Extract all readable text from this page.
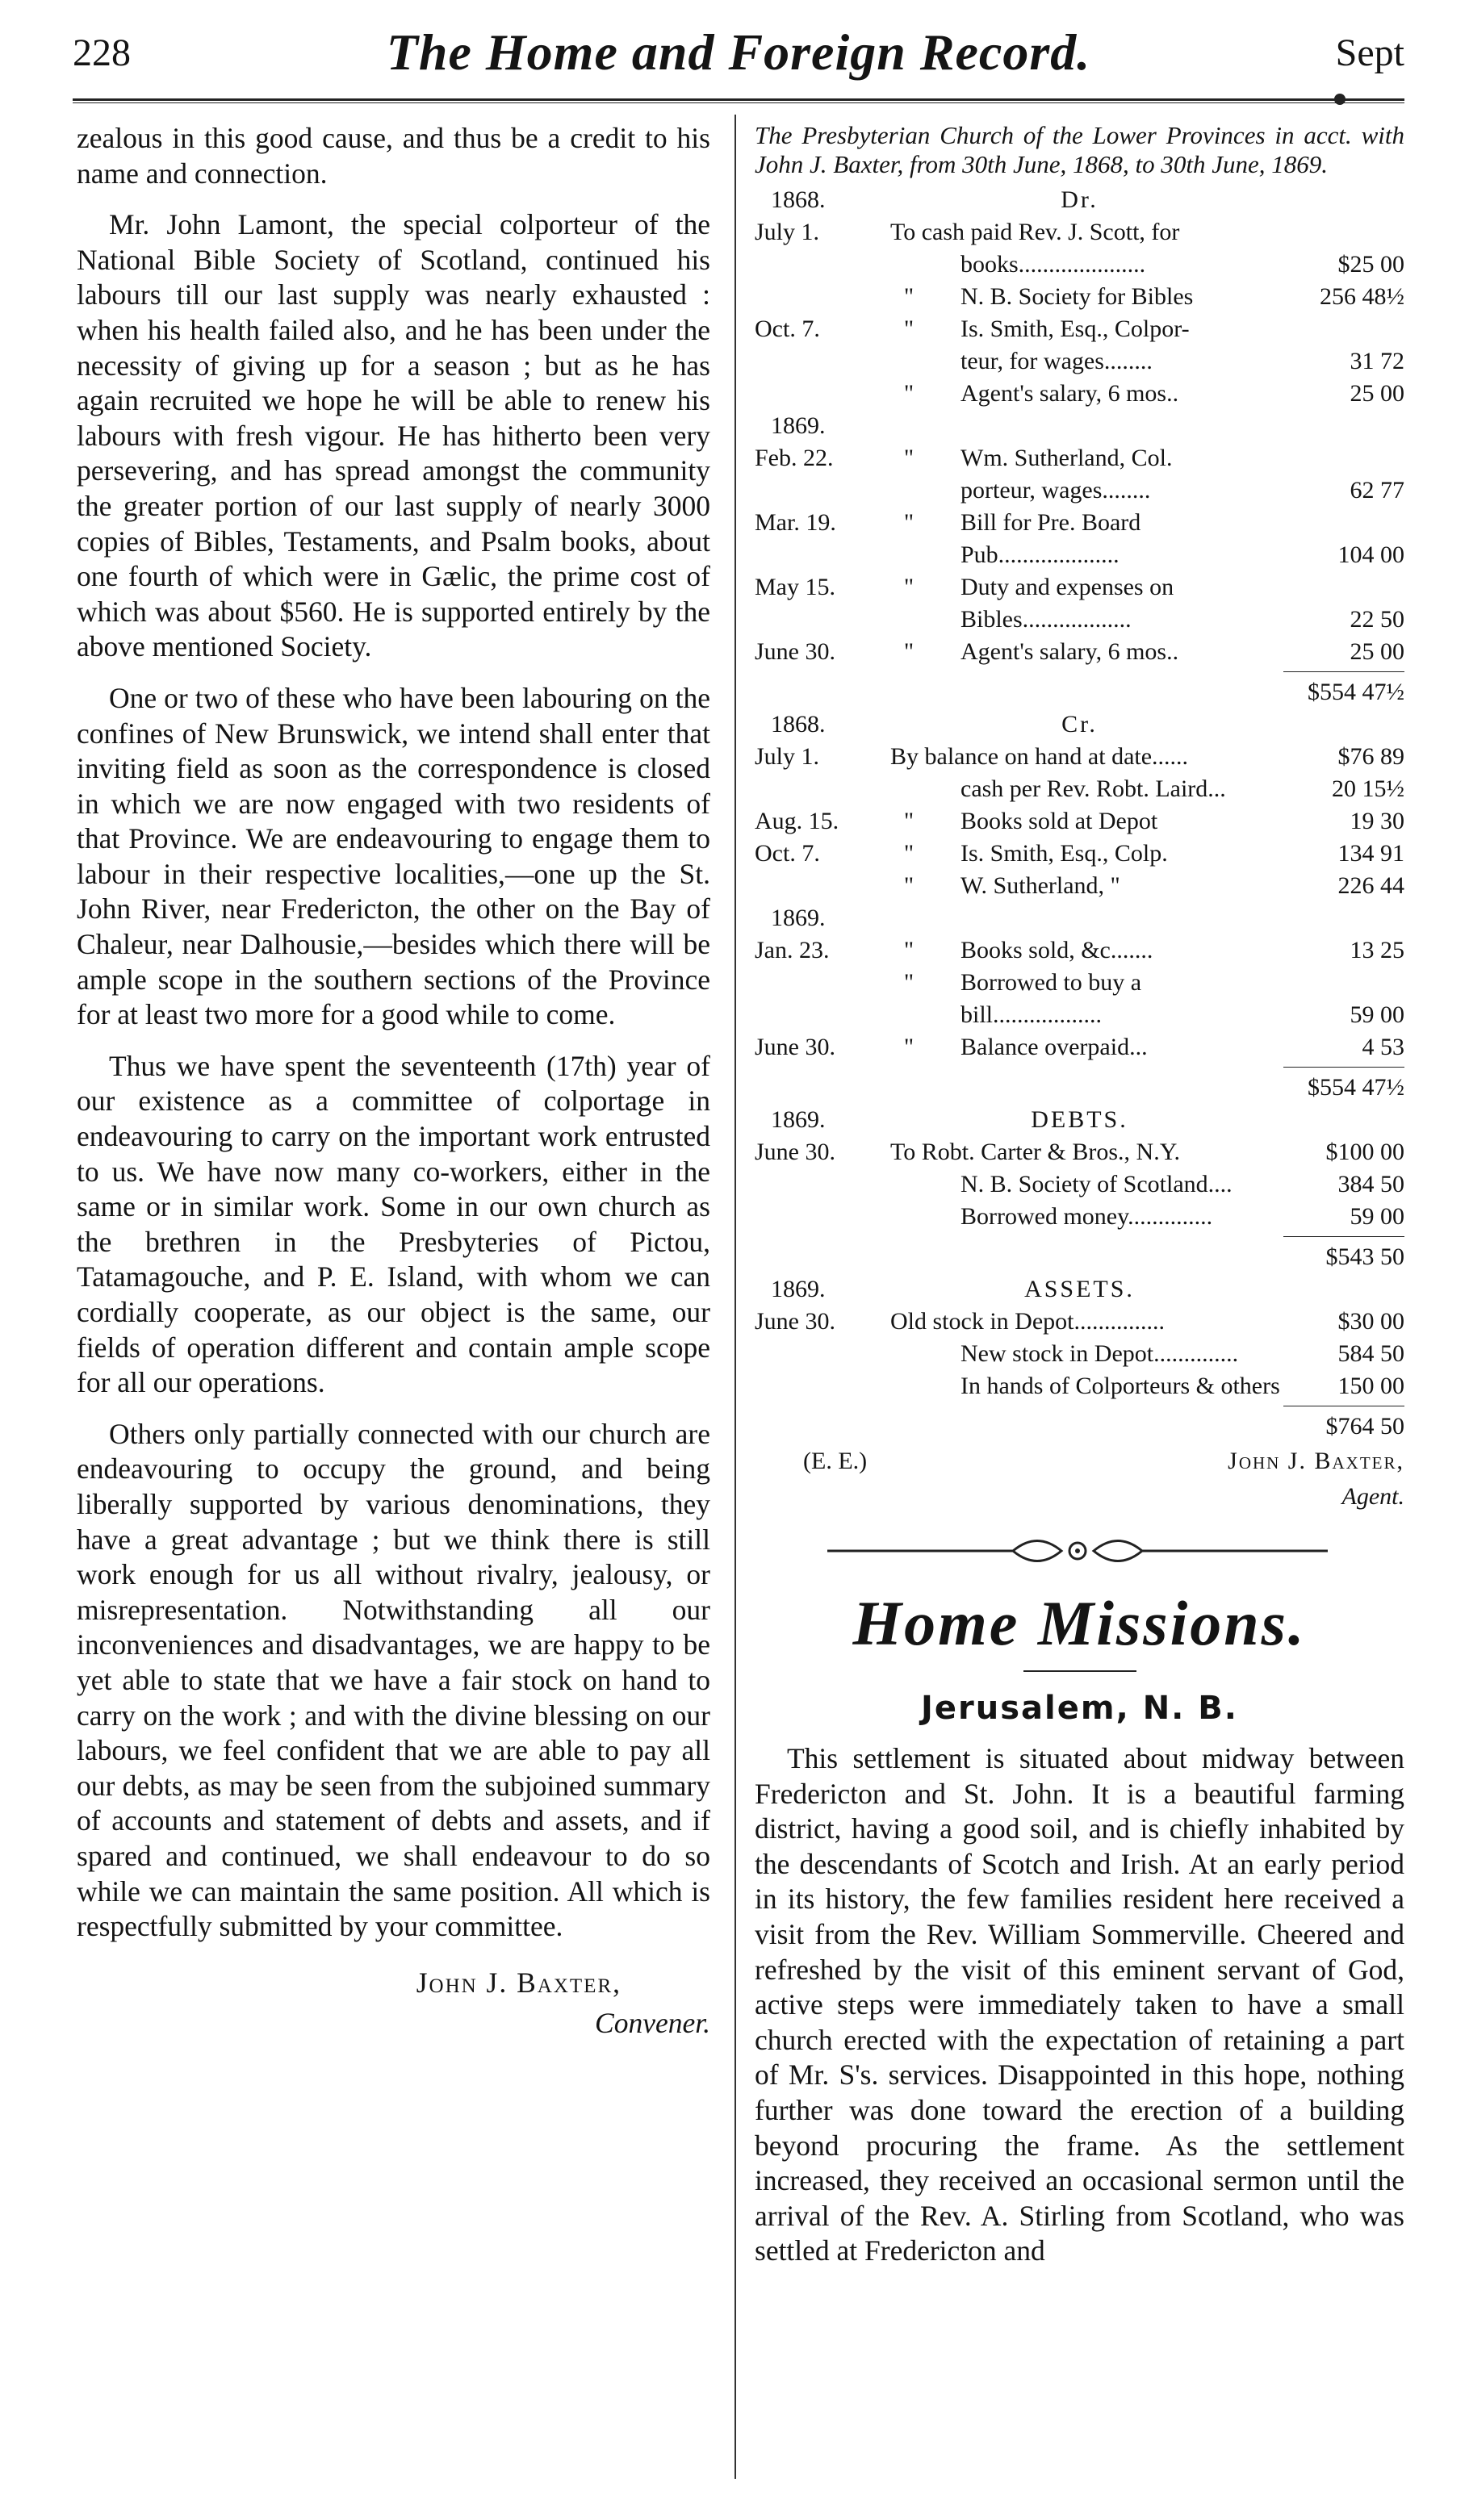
228	The Home and Foreign Record.	Sept

zealous in this good cause, and thus be a credit to his name and connection.

Mr. John Lamont, the special colporteur of the National Bible Society of Scotland, continued his labours till our last supply was nearly exhausted : when his health failed also, and he has been under the necessity of giving up for a season ; but as he has again recruited we hope he will be able to renew his labours with fresh vigour. He has hitherto been very persevering, and has spread amongst the community the greater portion of our last supply of nearly 3000 copies of Bibles, Testaments, and Psalm books, about one fourth of which were in Gælic, the prime cost of which was about $560. He is supported entirely by the above mentioned Society.

One or two of these who have been labouring on the confines of New Brunswick, we intend shall enter that inviting field as soon as the correspondence is closed in which we are now engaged with two residents of that Province. We are endeavouring to engage them to labour in their respective localities,—one up the St. John River, near Fredericton, the other on the Bay of Chaleur, near Dalhousie,—besides which there will be ample scope in the southern sections of the Province for at least two more for a good while to come.

Thus we have spent the seventeenth (17th) year of our existence as a committee of colportage in endeavouring to carry on the important work entrusted to us. We have now many co-workers, either in the same or in similar work. Some in our own church as the brethren in the Presbyteries of Pictou, Tatamagouche, and P. E. Island, with whom we can cordially cooperate, as our object is the same, our fields of operation different and contain ample scope for all our operations.

Others only partially connected with our church are endeavouring to occupy the ground, and being liberally supported by various denominations, they have a great advantage ; but we think there is still work enough for us all without rivalry, jealousy, or misrepresentation. Notwithstanding all our inconveniences and disadvantages, we are happy to be yet able to state that we have a fair stock on hand to carry on the work ; and with the divine blessing on our labours, we feel confident that we are able to pay all our debts, as may be seen from the subjoined summary of accounts and statement of debts and assets, and if spared and continued, we shall endeavour to do so while we can maintain the same position. All which is respectfully submitted by your committee.

John J. Baxter,
Convener.

The Presbyterian Church of the Lower Provinces in acct. with John J. Baxter, from 30th June, 1868, to 30th June, 1869.

1868.	Dr.
July 1.	To cash paid Rev. J. Scott, for
books.....................	$25 00
"	N. B. Society for Bibles	256 48½
Oct. 7.	"	Is. Smith, Esq., Colpor-
teur, for wages........	31 72
"	Agent's salary, 6 mos..	25 00
1869.
Feb. 22.	"	Wm. Sutherland, Col.
porteur, wages........	62 77
Mar. 19.	"	Bill for Pre. Board
Pub....................	104 00
May 15.	"	Duty and expenses on
Bibles..................	22 50
June 30.	"	Agent's salary, 6 mos..	25 00
$554 47½
1868.	Cr.
July 1.	By balance on hand at date......	$76 89
cash per Rev. Robt. Laird...	20 15½
Aug. 15.	"	Books sold at Depot	19 30
Oct. 7.	"	Is. Smith, Esq., Colp.	134 91
"	W. Sutherland, "	226 44
1869.
Jan. 23.	"	Books sold, &c.......	13 25
"	Borrowed to buy a
bill..................	59 00
June 30.	"	Balance overpaid...	4 53
$554 47½
1869.	DEBTS.
June 30.	To Robt. Carter & Bros., N.Y.	$100 00
N. B. Society of Scotland....	384 50
Borrowed money..............	59 00
$543 50
1869.	ASSETS.
June 30.	Old stock in Depot...............	$30 00
New stock in Depot..............	584 50
In hands of Colporteurs & others 150 00
$764 50
(E. E.)	John J. Baxter,
Agent.
Home Missions.
Jerusalem, N. B.

This settlement is situated about midway between Fredericton and St. John. It is a beautiful farming district, having a good soil, and is chiefly inhabited by the descendants of Scotch and Irish. At an early period in its history, the few families resident here received a visit from the Rev. William Sommerville. Cheered and refreshed by the visit of this eminent servant of God, active steps were immediately taken to have a small church erected with the expectation of retaining a part of Mr. S's. services. Disappointed in this hope, nothing further was done toward the erection of a building beyond procuring the frame. As the settlement increased, they received an occasional sermon until the arrival of the Rev. A. Stirling from Scotland, who was settled at Fredericton and
